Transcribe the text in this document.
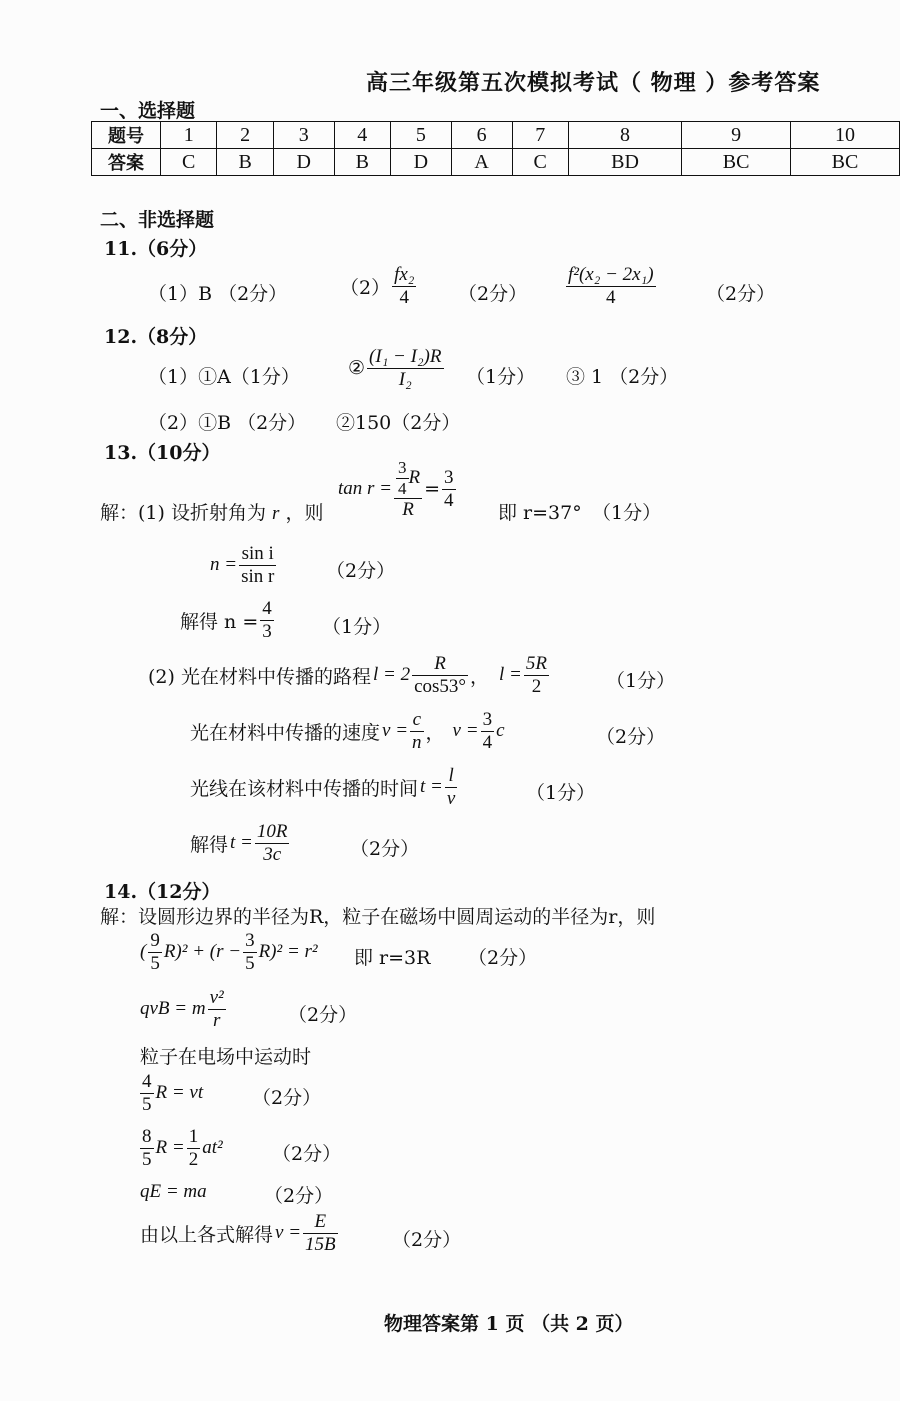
高三年级第五次模拟考试（ 物理 ）参考答案
一、选择题
题号	1	2	3	4	5	6	7	8	9	10
答案	C	B	D	B	D	A	C	BD	BC	BC
二、非选择题
11.（6分）
（1）B （2分）	$(2) \frac{\text{fx₂}}{4} (2$分） $\frac{\text{f²(x₂ − 2x₁)}}{4}$	（2分）
12.（8分）
（1）①A（1分）	② $\frac{\text{(I₁ − I₂)R}}{\text{I₂}} (1$分） ③ 1 （2分）
（2）①B （2分） ②150（2分）
13.（10分）
解：(1) 设折射角为 r ，则
$\tan r = \frac{\frac{3}{4} R}{R} = \frac{3}{4}$
即 r=37° （1分）
$n = \frac{\text{sin i}}{\text{sin r}}$	（2分）
解得 $n = \frac{4}{3}$	（1分）
(2) 光在材料中传播的路程 $l = 2 \frac{R}{\cos 53^\circ}$ ， $l = \frac{5R}{2}$	（1分）
光在材料中传播的速度 $v = \frac{c}{n}$ ， $v = \frac{3}{4}$ c	（2分）
光线在该材料中传播的时间 $t = \frac{l}{v}$	（1分）
解得 $t = \frac{10R}{3c}$	（2分）
14.（12分）
解：设圆形边界的半径为R，粒子在磁场中圆周运动的半径为r，则
( $\frac{9}{5} R)^2 + (r - \frac{3}{5} R)^2 = r^2$ 即 r=3R （2分）
qvB = m $\frac{\text{v²}}{r}$	（2分）
粒子在电场中运动时
$\frac{4}{5}$ R = vt	（2分）
$\frac{8}{5}$ $R = \frac{1}{2} at^2$	（2分）
qE = ma	（2分）
由以上各式解得 $v = \frac{E}{15B}$	（2分）
物理答案第 1 页 （共 2 页）
